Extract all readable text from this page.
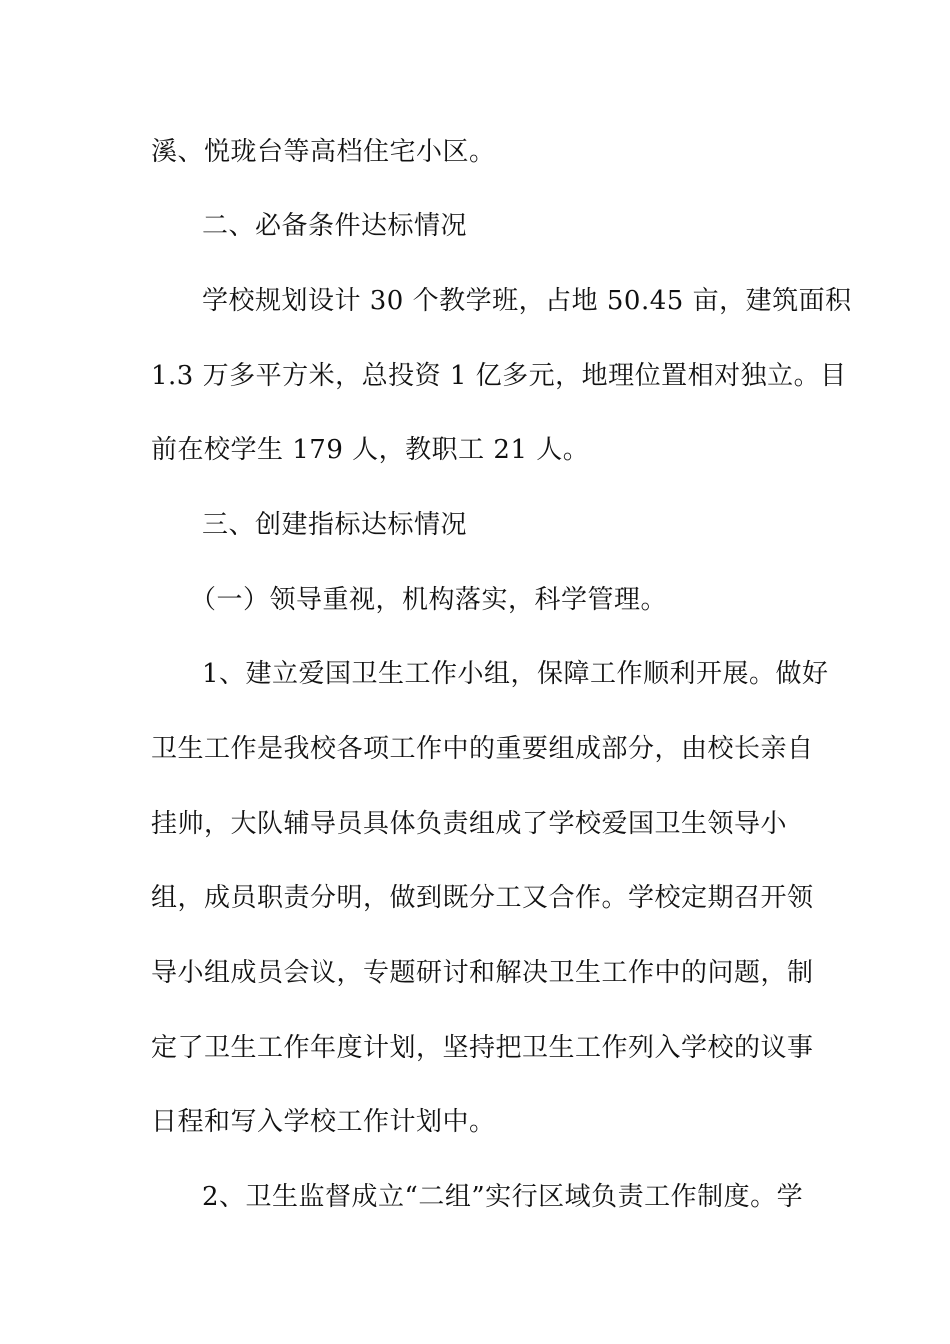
溪、悦珑台等高档住宅小区。
二、必备条件达标情况
学校规划设计 30 个教学班，占地 50.45 亩，建筑面积
1.3 万多平方米，总投资 1 亿多元，地理位置相对独立。目
前在校学生 179 人，教职工 21 人。
三、创建指标达标情况
（一）领导重视，机构落实，科学管理。
1、建立爱国卫生工作小组，保障工作顺利开展。做好
卫生工作是我校各项工作中的重要组成部分，由校长亲自
挂帅，大队辅导员具体负责组成了学校爱国卫生领导小
组，成员职责分明，做到既分工又合作。学校定期召开领
导小组成员会议，专题研讨和解决卫生工作中的问题，制
定了卫生工作年度计划，坚持把卫生工作列入学校的议事
日程和写入学校工作计划中。
2、卫生监督成立“二组”实行区域负责工作制度。学
